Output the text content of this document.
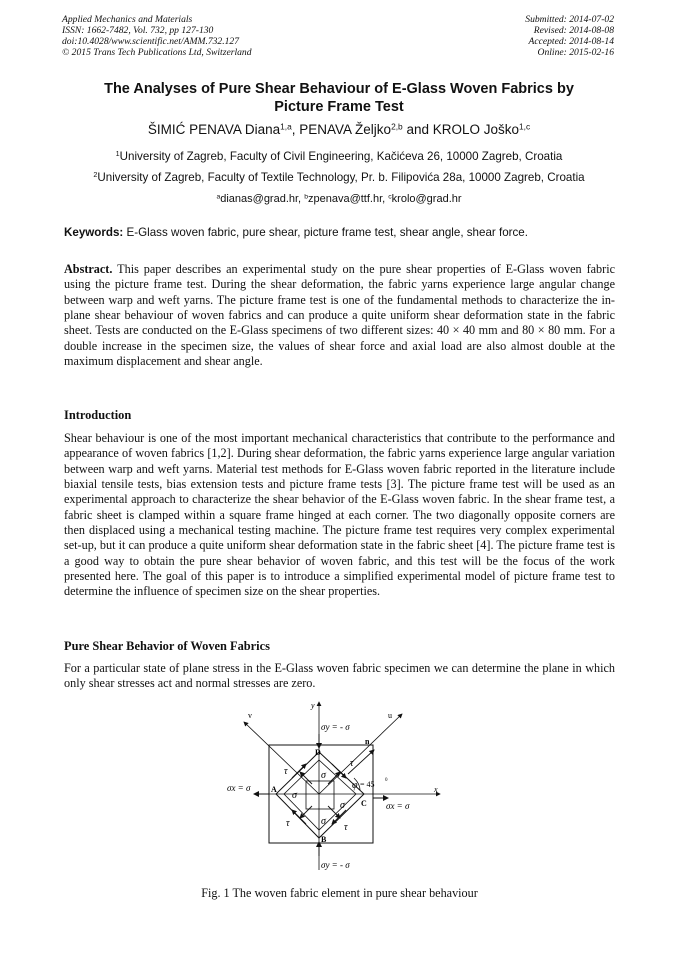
Applied Mechanics and Materials
ISSN: 1662-7482, Vol. 732, pp 127-130
doi:10.4028/www.scientific.net/AMM.732.127
© 2015 Trans Tech Publications Ltd, Switzerland
Submitted: 2014-07-02
Revised: 2014-08-08
Accepted: 2014-08-14
Online: 2015-02-16
The Analyses of Pure Shear Behaviour of E-Glass Woven Fabrics by
Picture Frame Test
ŠIMIĆ PENAVA Diana$^{1,a}$, PENAVA Željko$^{2,b}$ and KROLO Joško$^{1,c}$
$^1$University of Zagreb, Faculty of Civil Engineering, Kačićeva 26, 10000 Zagreb, Croatia
$^2$University of Zagreb, Faculty of Textile Technology, Pr. b. Filipovića 28a, 10000 Zagreb, Croatia
$^a$dianas@grad.hr, $^b$zpenava@ttf.hr, $^c$krolo@grad.hr
Keywords: E-Glass woven fabric, pure shear, picture frame test, shear angle, shear force.

Abstract. This paper describes an experimental study on the pure shear properties of E-Glass woven fabric using the picture frame test. During the shear deformation, the fabric yarns experience large angular change between warp and weft yarns. The picture frame test is one of the fundamental methods to characterize the in-plane shear behaviour of woven fabrics and can produce a quite uniform shear deformation state in the fabric sheet. Tests are conducted on the E-Glass specimens of two different sizes: 40 × 40 mm and 80 × 80 mm. For a double increase in the specimen size, the values of shear force and axial load are also almost double at the maximum displacement and shear angle.

Introduction

Shear behaviour is one of the most important mechanical characteristics that contribute to the performance and appearance of woven fabrics [1,2]. During shear deformation, the fabric yarns experience large angular variation between warp and weft yarns. Material test methods for E-Glass woven fabric reported in the literature include biaxial tensile tests, bias extension tests and picture frame tests [3]. The picture frame test will be used as an experimental approach to characterize the shear behavior of the E-Glass woven fabric. In the shear frame test, a fabric sheet is clamped within a square frame hinged at each corner. The two diagonally opposite corners are then displaced using a mechanical testing machine. The picture frame test requires very complex experimental set-up, but it can produce a quite uniform shear deformation state in the fabric sheet [4]. The picture frame test is a good way to obtain the pure shear behavior of woven fabric, and this test will be the focus of the work presented here. The goal of this paper is to introduce a simplified experimental model of picture frame test to determine the influence of specimen size on the shear properties.

Pure Shear Behavior of Woven Fabrics

For a particular state of plane stress in the E-Glass woven fabric specimen we can determine the plane in which only shear stresses act and normal stresses are zero.

y
x
u
v
n
D
A
B
C
σy = - σ
σy = - σ
σx = σ
σx = σ
τ
τ
τ
τ
σ
σ
σ
σ
φ = 45 0
Fig. 1 The woven fabric element in pure shear behaviour
